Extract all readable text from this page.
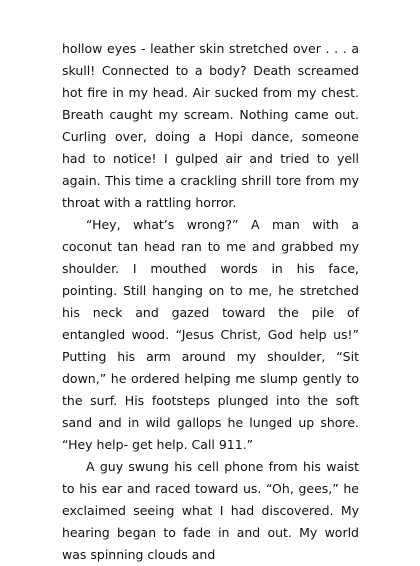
hollow eyes - leather skin stretched over . . . a skull! Connected to a body? Death screamed hot fire in my head. Air sucked from my chest. Breath caught my scream. Nothing came out. Curling over, doing a Hopi dance, someone had to notice! I gulped air and tried to yell again. This time a crackling shrill tore from my throat with a rattling horror.

“Hey, what’s wrong?” A man with a coconut tan head ran to me and grabbed my shoulder. I mouthed words in his face, pointing. Still hanging on to me, he stretched his neck and gazed toward the pile of entangled wood. “Jesus Christ, God help us!” Putting his arm around my shoulder, “Sit down,” he ordered helping me slump gently to the surf. His footsteps plunged into the soft sand and in wild gallops he lunged up shore. “Hey help- get help. Call 911.”

A guy swung his cell phone from his waist to his ear and raced toward us. “Oh, gees,” he exclaimed seeing what I had discovered. My hearing began to fade in and out. My world was spinning clouds and
